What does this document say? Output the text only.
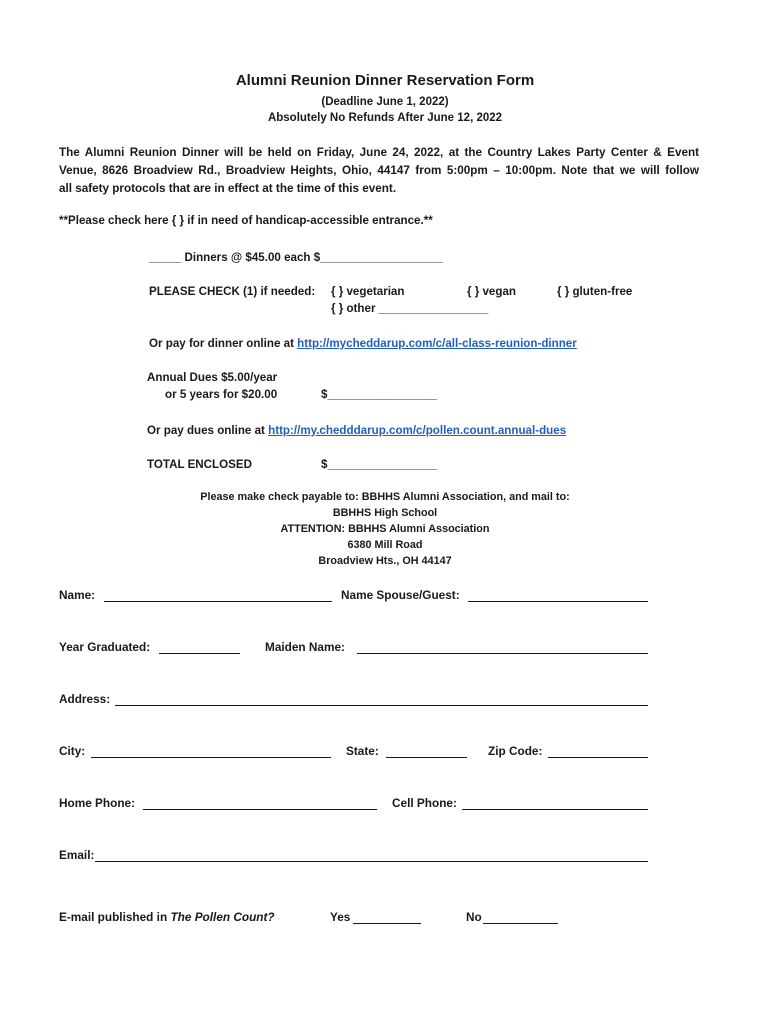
Alumni Reunion Dinner Reservation Form
(Deadline June 1, 2022)
Absolutely No Refunds After June 12, 2022
The Alumni Reunion Dinner will be held on Friday, June 24, 2022, at the Country Lakes Party Center & Event
Venue, 8626 Broadview Rd., Broadview Heights, Ohio, 44147 from 5:00pm – 10:00pm. Note that we will follow
all safety protocols that are in effect at the time of this event.
**Please check here { } if in need of handicap-accessible entrance.**
_____ Dinners @ $45.00 each $___________________
PLEASE CHECK (1) if needed: { } vegetarian	{ } vegan	{ } gluten-free
{ } other _________________
Or pay for dinner online at http://mycheddarup.com/c/all-class-reunion-dinner
Annual Dues $5.00/year
or 5 years for $20.00	$_________________
Or pay dues online at http://my.chedddarup.com/c/pollen.count.annual-dues
TOTAL ENCLOSED	$_________________
Please make check payable to: BBHHS Alumni Association, and mail to:
BBHHS High School
ATTENTION: BBHHS Alumni Association
6380 Mill Road
Broadview Hts., OH 44147
Name:	Name Spouse/Guest:
Year Graduated:	Maiden Name:
Address:
City:	State:	Zip Code:
Home Phone:	Cell Phone:
Email:
E-mail published in The Pollen Count?	Yes	No
